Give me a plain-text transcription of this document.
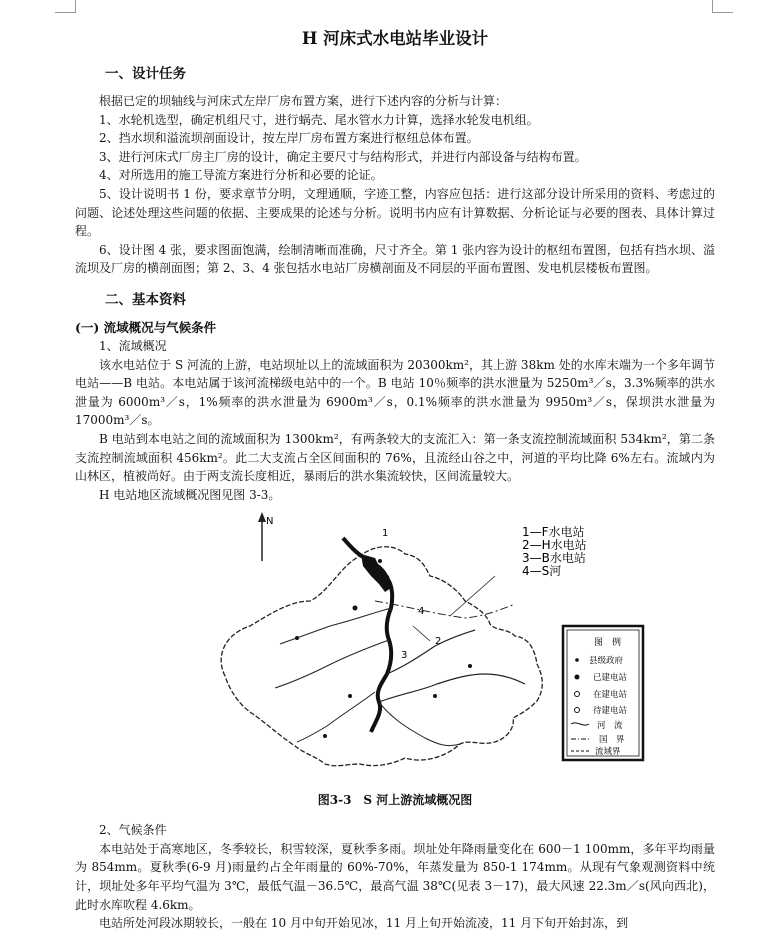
H 河床式水电站毕业设计
一、设计任务

根据已定的坝轴线与河床式左岸厂房布置方案，进行下述内容的分析与计算：

1、水轮机选型，确定机组尺寸，进行蜗壳、尾水管水力计算，选择水轮发电机组。

2、挡水坝和溢流坝剖面设计，按左岸厂房布置方案进行枢纽总体布置。

3、进行河床式厂房主厂房的设计，确定主要尺寸与结构形式，并进行内部设备与结构布置。

4、对所选用的施工导流方案进行分析和必要的论证。

5、设计说明书 1 份，要求章节分明，文理通顺，字迹工整，内容应包括：进行这部分设计所采用的资料、考虑过的问题、论述处理这些问题的依据、主要成果的论述与分析。说明书内应有计算数据、分析论证与必要的图表、具体计算过程。

6、设计图 4 张，要求图面饱满，绘制清晰而准确，尺寸齐全。第 1 张内容为设计的枢纽布置图，包括有挡水坝、溢流坝及厂房的横剖面图；第 2、3、4 张包括水电站厂房横剖面及不同层的平面布置图、发电机层楼板布置图。

二、基本资料
(一) 流域概况与气候条件

1、流域概况

该水电站位于 S 河流的上游，电站坝址以上的流域面积为 20300km²，其上游 38km 处的水库末端为一个多年调节电站——B 电站。本电站属于该河流梯级电站中的一个。B 电站 10％频率的洪水泄量为 5250m³／s，3.3%频率的洪水泄量为 6000m³／s，1%频率的洪水泄量为 6900m³／s，0.1%频率的洪水泄量为 9950m³／s，保坝洪水泄量为 17000m³／s。

B 电站到本电站之间的流域面积为 1300km²，有两条较大的支流汇入：第一条支流控制流域面积 534km²，第二条支流控制流域面积 456km²。此二大支流占全区间面积的 76%，且流经山谷之中，河道的平均比降 6%左右。流域内为山林区，植被尚好。由于两支流长度相近，暴雨后的洪水集流较快，区间流量较大。

H 电站地区流域概况图见图 3-3。

N
1
2
3
4
1—F水电站
2—H水电站
3—B水电站
4—S河
图　例
县级政府
已建电站
在建电站
待建电站
河　流
国　界
流域界

图3-3　S 河上游流域概况图

2、气候条件

本电站处于高寒地区，冬季较长，积雪较深，夏秋季多雨。坝址处年降雨量变化在 600－1 100mm，多年平均雨量为 854mm。夏秋季(6-9 月)雨量约占全年雨量的 60%-70%，年蒸发量为 850-1 174mm。从现有气象观测资料中统计，坝址处多年平均气温为 3℃，最低气温－36.5℃，最高气温 38℃(见表 3－17)，最大风速 22.3m／s(风向西北)，此时水库吹程 4.6km。

电站所处河段冰期较长，一般在 10 月中旬开始见冰，11 月上旬开始流凌，11 月下旬开始封冻，到
